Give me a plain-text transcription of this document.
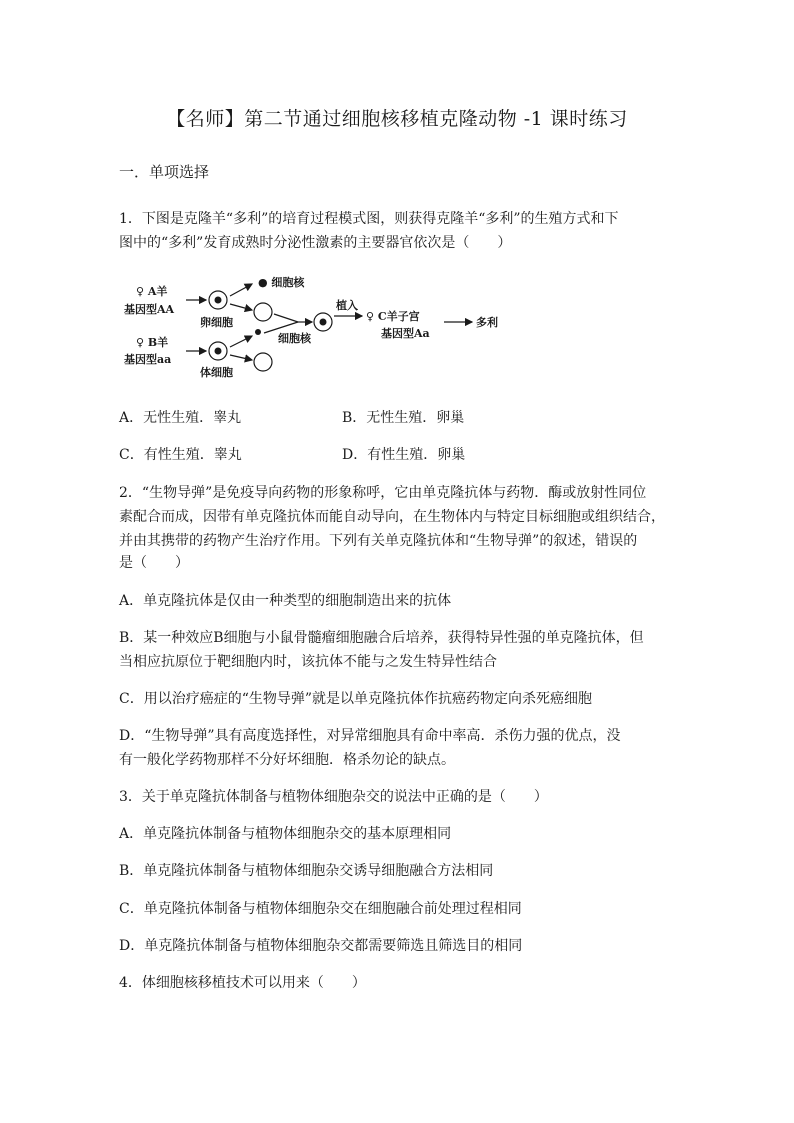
【名师】第二节通过细胞核移植克隆动物 -1 课时练习
一．单项选择
1．下图是克隆羊“多利”的培育过程模式图，则获得克隆羊“多利”的生殖方式和下
图中的“多利”发育成熟时分泌性激素的主要器官依次是（　　）
♀ A羊
基因型AA
卵细胞
● 细胞核
♀ B羊
基因型aa
体细胞
细胞核
植入
♀ C羊子宫
基因型Aa
多利
A．无性生殖．睾丸	B．无性生殖．卵巢
C．有性生殖．睾丸	D．有性生殖．卵巢
2．“生物导弹”是免疫导向药物的形象称呼，它由单克隆抗体与药物．酶或放射性同位
素配合而成，因带有单克隆抗体而能自动导向，在生物体内与特定目标细胞或组织结合，
并由其携带的药物产生治疗作用。下列有关单克隆抗体和“生物导弹”的叙述，错误的
是（　　）
A．单克隆抗体是仅由一种类型的细胞制造出来的抗体
B．某一种效应B细胞与小鼠骨髓瘤细胞融合后培养，获得特异性强的单克隆抗体，但
当相应抗原位于靶细胞内时，该抗体不能与之发生特异性结合
C．用以治疗癌症的“生物导弹”就是以单克隆抗体作抗癌药物定向杀死癌细胞
D．“生物导弹”具有高度选择性，对异常细胞具有命中率高．杀伤力强的优点，没
有一般化学药物那样不分好坏细胞．格杀勿论的缺点。
3．关于单克隆抗体制备与植物体细胞杂交的说法中正确的是（　　）
A．单克隆抗体制备与植物体细胞杂交的基本原理相同
B．单克隆抗体制备与植物体细胞杂交诱导细胞融合方法相同
C．单克隆抗体制备与植物体细胞杂交在细胞融合前处理过程相同
D．单克隆抗体制备与植物体细胞杂交都需要筛选且筛选目的相同
4．体细胞核移植技术可以用来（　　）
